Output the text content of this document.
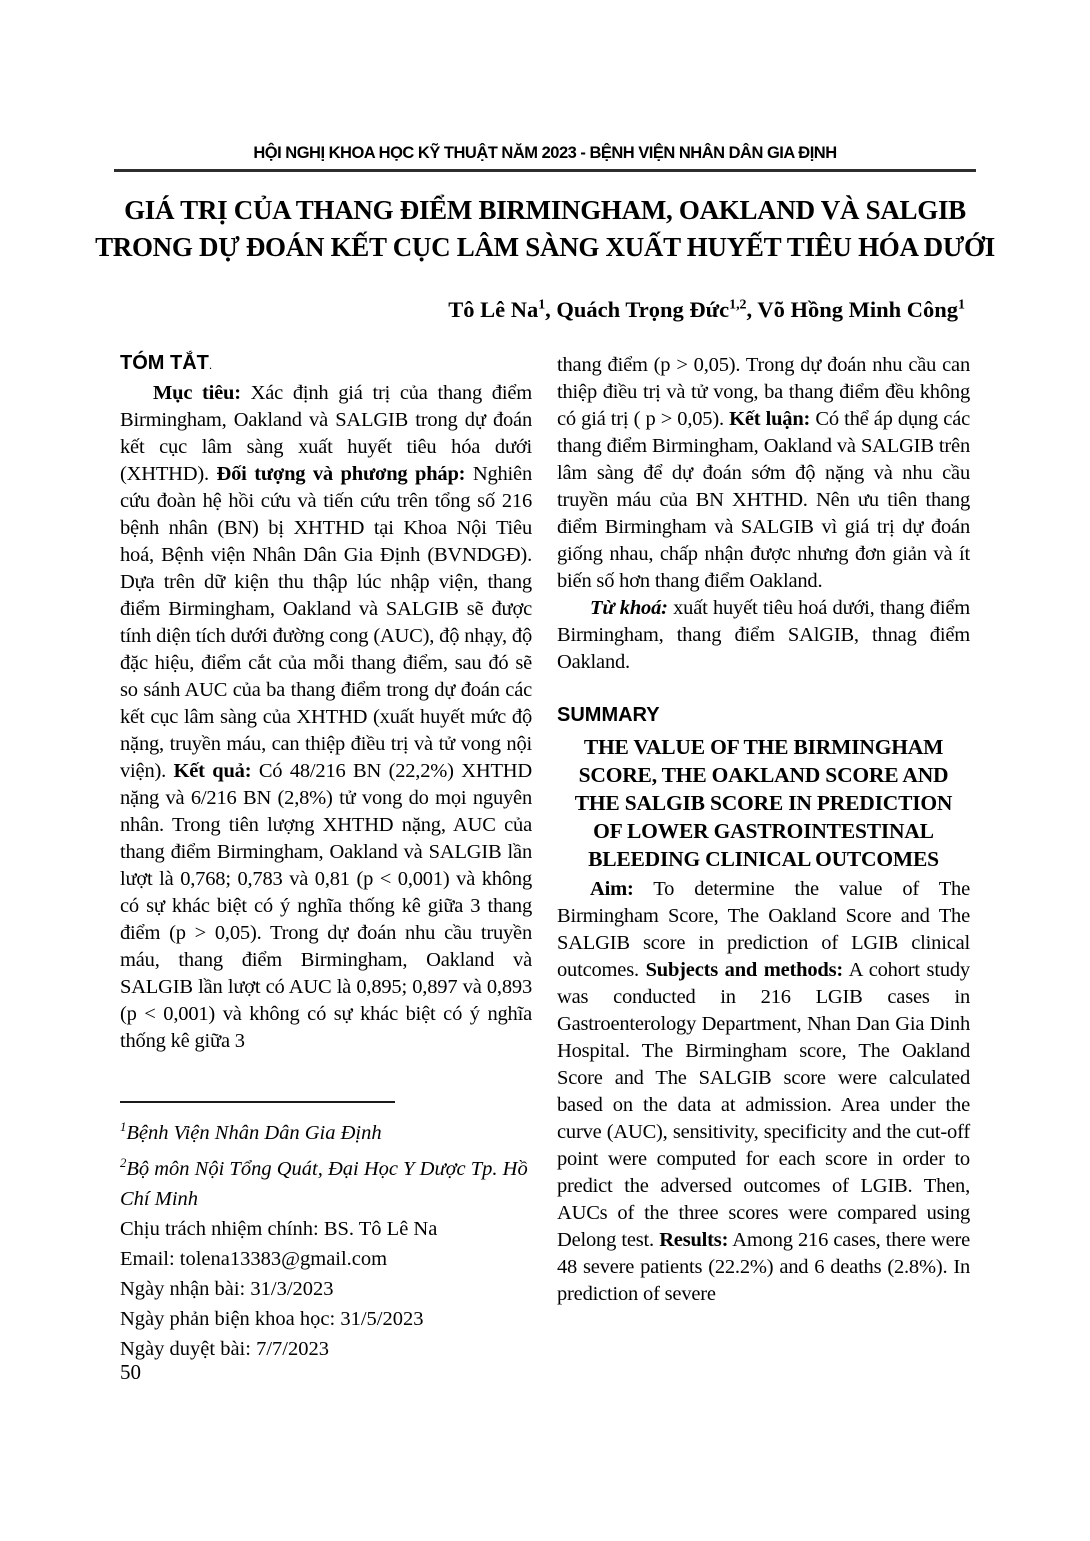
HỘI NGHỊ KHOA HỌC KỸ THUẬT NĂM 2023 - BỆNH VIỆN NHÂN DÂN GIA ĐỊNH
GIÁ TRỊ CỦA THANG ĐIỂM BIRMINGHAM, OAKLAND VÀ SALGIB
TRONG DỰ ĐOÁN KẾT CỤC LÂM SÀNG XUẤT HUYẾT TIÊU HÓA DƯỚI
Tô Lê Na$^1$, Quách Trọng Đức$^{1,2}$, Võ Hồng Minh Công$^1$
TÓM TẮT.

Mục tiêu: Xác định giá trị của thang điểm Birmingham, Oakland và SALGIB trong dự đoán kết cục lâm sàng xuất huyết tiêu hóa dưới (XHTHD). Đối tượng và phương pháp: Nghiên cứu đoàn hệ hồi cứu và tiến cứu trên tổng số 216 bệnh nhân (BN) bị XHTHD tại Khoa Nội Tiêu hoá, Bệnh viện Nhân Dân Gia Định (BVNDGĐ). Dựa trên dữ kiện thu thập lúc nhập viện, thang điểm Birmingham, Oakland và SALGIB sẽ được tính diện tích dưới đường cong (AUC), độ nhạy, độ đặc hiệu, điểm cắt của mỗi thang điểm, sau đó sẽ so sánh AUC của ba thang điểm trong dự đoán các kết cục lâm sàng của XHTHD (xuất huyết mức độ nặng, truyền máu, can thiệp điều trị và tử vong nội viện). Kết quả: Có 48/216 BN (22,2%) XHTHD nặng và 6/216 BN (2,8%) tử vong do mọi nguyên nhân. Trong tiên lượng XHTHD nặng, AUC của thang điểm Birmingham, Oakland và SALGIB lần lượt là 0,768; 0,783 và 0,81 (p < 0,001) và không có sự khác biệt có ý nghĩa thống kê giữa 3 thang điểm (p > 0,05). Trong dự đoán nhu cầu truyền máu, thang điểm Birmingham, Oakland và SALGIB lần lượt có AUC là 0,895; 0,897 và 0,893 (p < 0,001) và không có sự khác biệt có ý nghĩa thống kê giữa 3

thang điểm (p > 0,05). Trong dự đoán nhu cầu can thiệp điều trị và tử vong, ba thang điểm đều không có giá trị ( p > 0,05). Kết luận: Có thể áp dụng các thang điểm Birmingham, Oakland và SALGIB trên lâm sàng để dự đoán sớm độ nặng và nhu cầu truyền máu của BN XHTHD. Nên ưu tiên thang điểm Birmingham và SALGIB vì giá trị dự đoán giống nhau, chấp nhận được nhưng đơn giản và ít biến số hơn thang điểm Oakland.

Từ khoá: xuất huyết tiêu hoá dưới, thang điểm Birmingham, thang điểm SAlGIB, thnag điểm Oakland.

SUMMARY
THE VALUE OF THE BIRMINGHAM
SCORE, THE OAKLAND SCORE AND
THE SALGIB SCORE IN PREDICTION
OF LOWER GASTROINTESTINAL
BLEEDING CLINICAL OUTCOMES

Aim: To determine the value of The Birmingham Score, The Oakland Score and The SALGIB score in prediction of LGIB clinical outcomes. Subjects and methods: A cohort study was conducted in 216 LGIB cases in Gastroenterology Department, Nhan Dan Gia Dinh Hospital. The Birmingham score, The Oakland Score and The SALGIB score were calculated based on the data at admission. Area under the curve (AUC), sensitivity, specificity and the cut-off point were computed for each score in order to predict the adversed outcomes of LGIB. Then, AUCs of the three scores were compared using Delong test. Results: Among 216 cases, there were 48 severe patients (22.2%) and 6 deaths (2.8%). In prediction of severe

$^1$Bệnh Viện Nhân Dân Gia Định
$^2$Bộ môn Nội Tổng Quát, Đại Học Y Dược Tp. Hồ Chí Minh
Chịu trách nhiệm chính: BS. Tô Lê Na
Email: tolena13383@gmail.com
Ngày nhận bài: 31/3/2023
Ngày phản biện khoa học: 31/5/2023
Ngày duyệt bài: 7/7/2023
50
